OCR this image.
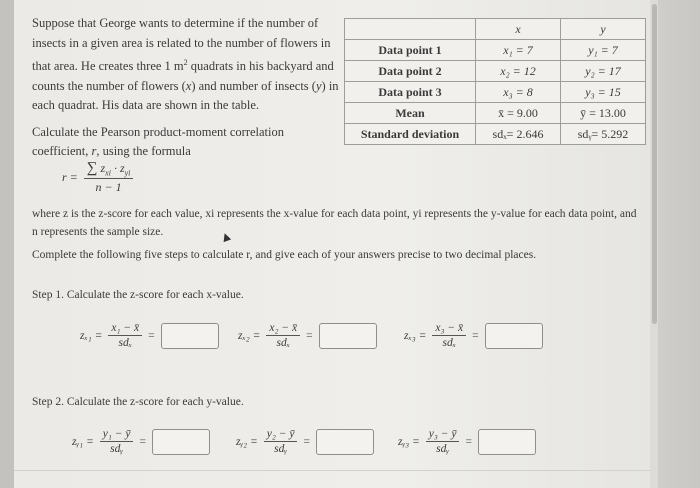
Suppose that George wants to determine if the number of insects in a given area is related to the number of flowers in that area. He creates three 1 $m^2$ quadrats in his backyard and counts the number of flowers (x) and number of insects (y) in each quadrat. His data are shown in the table.

Calculate the Pearson product-moment correlation coefficient, r, using the formula

	x	y
Data point 1	x₁ = 7	y₁ = 7
Data point 2	x₂ = 12	y₂ = 17
Data point 3	x₃ = 8	y₃ = 15
Mean	x̄ = 9.00	ȳ = 13.00
Standard deviation	sdₓ= 2.646	sdᵧ= 5.292
$r = \frac{\sum z_{xi} \cdot z_{yi}}{n - 1}$
where z is the z-score for each value, xi represents the x-value for each data point, yi represents the y-value for each data point, and n represents the sample size.
Complete the following five steps to calculate r, and give each of your answers precise to two decimal places.
Step 1. Calculate the z-score for each x-value.
$z_{x1} = \frac{\text{x₁ − x̄}}{\text{sdₓ}}$ =	$z_{x2} = \frac{\text{x₂ − x̄}}{\text{sdₓ}}$ =	$z_{x3} = \frac{\text{x₃ − x̄}}{\text{sdₓ}}$ =
Step 2. Calculate the z-score for each y-value.
zᵧ₁ = $\frac{\text{y₁ − ȳ}}{\text{sdᵧ}}$ =	zᵧ₂ = $\frac{\text{y₂ − ȳ}}{\text{sdᵧ}}$ =	zᵧ₃ = $\frac{\text{y₃ − ȳ}}{\text{sdᵧ}}$ =
